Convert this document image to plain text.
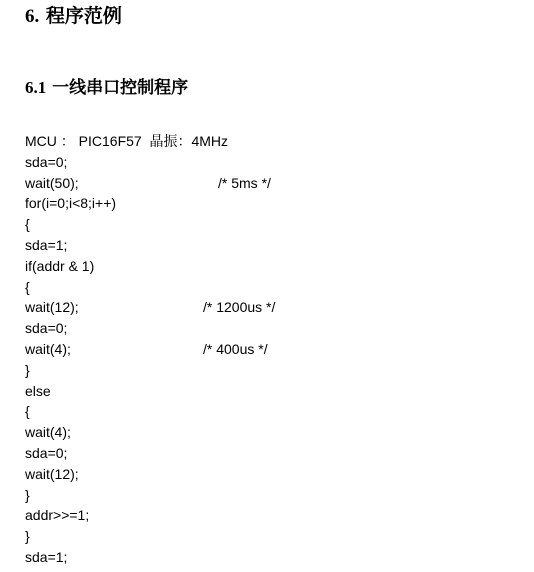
6. 程序范例
6.1 一线串口控制程序
MCU ： PIC16F57  晶振：4MHz
sda=0;
wait(50);	/* 5ms */
for(i=0;i<8;i++)
{
sda=1;
if(addr & 1)
{
wait(12);	/* 1200us */
sda=0;
wait(4);	/* 400us */
}
else
{
wait(4);
sda=0;
wait(12);
}
addr>>=1;
}
sda=1;
